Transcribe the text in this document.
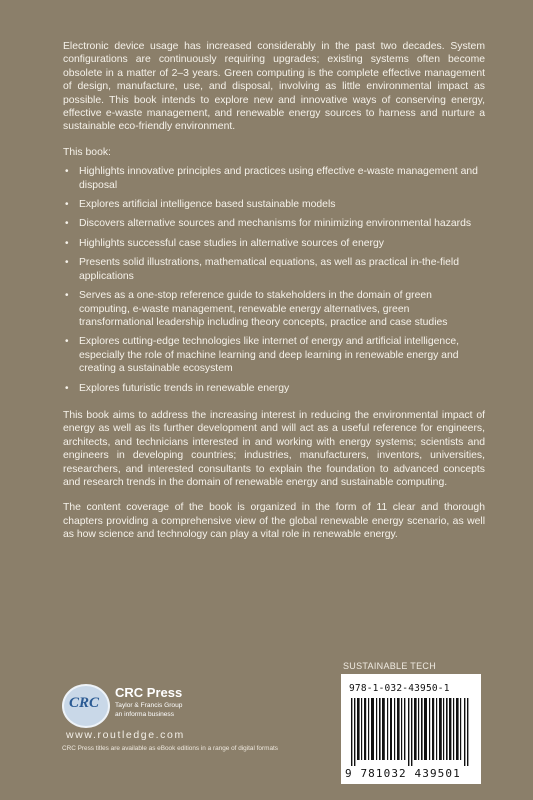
Electronic device usage has increased considerably in the past two decades. System configurations are continuously requiring upgrades; existing systems often become obsolete in a matter of 2–3 years. Green computing is the complete effective management of design, manufacture, use, and disposal, involving as little environmental impact as possible. This book intends to explore new and innovative ways of conserving energy, effective e-waste management, and renewable energy sources to harness and nurture a sustainable eco-friendly environment.

This book:

• Highlights innovative principles and practices using effective e-waste management and disposal
• Explores artificial intelligence based sustainable models
• Discovers alternative sources and mechanisms for minimizing environmental hazards
• Highlights successful case studies in alternative sources of energy
• Presents solid illustrations, mathematical equations, as well as practical in-the-field applications
• Serves as a one-stop reference guide to stakeholders in the domain of green computing, e-waste management, renewable energy alternatives, green transformational leadership including theory concepts, practice and case studies
• Explores cutting-edge technologies like internet of energy and artificial intelligence, especially the role of machine learning and deep learning in renewable energy and creating a sustainable ecosystem
• Explores futuristic trends in renewable energy

This book aims to address the increasing interest in reducing the environmental impact of energy as well as its further development and will act as a useful reference for engineers, architects, and technicians interested in and working with energy systems; scientists and engineers in developing countries; industries, manufacturers, inventors, universities, researchers, and interested consultants to explain the foundation to advanced concepts and research trends in the domain of renewable energy and sustainable computing.

The content coverage of the book is organized in the form of 11 clear and thorough chapters providing a comprehensive view of the global renewable energy scenario, as well as how science and technology can play a vital role in renewable energy.

SUSTAINABLE TECH
978-1-032-43950-1
9 781032 439501
CRC
CRC Press
Taylor & Francis Group
an informa business
www.routledge.com
CRC Press titles are available as eBook editions in a range of digital formats
